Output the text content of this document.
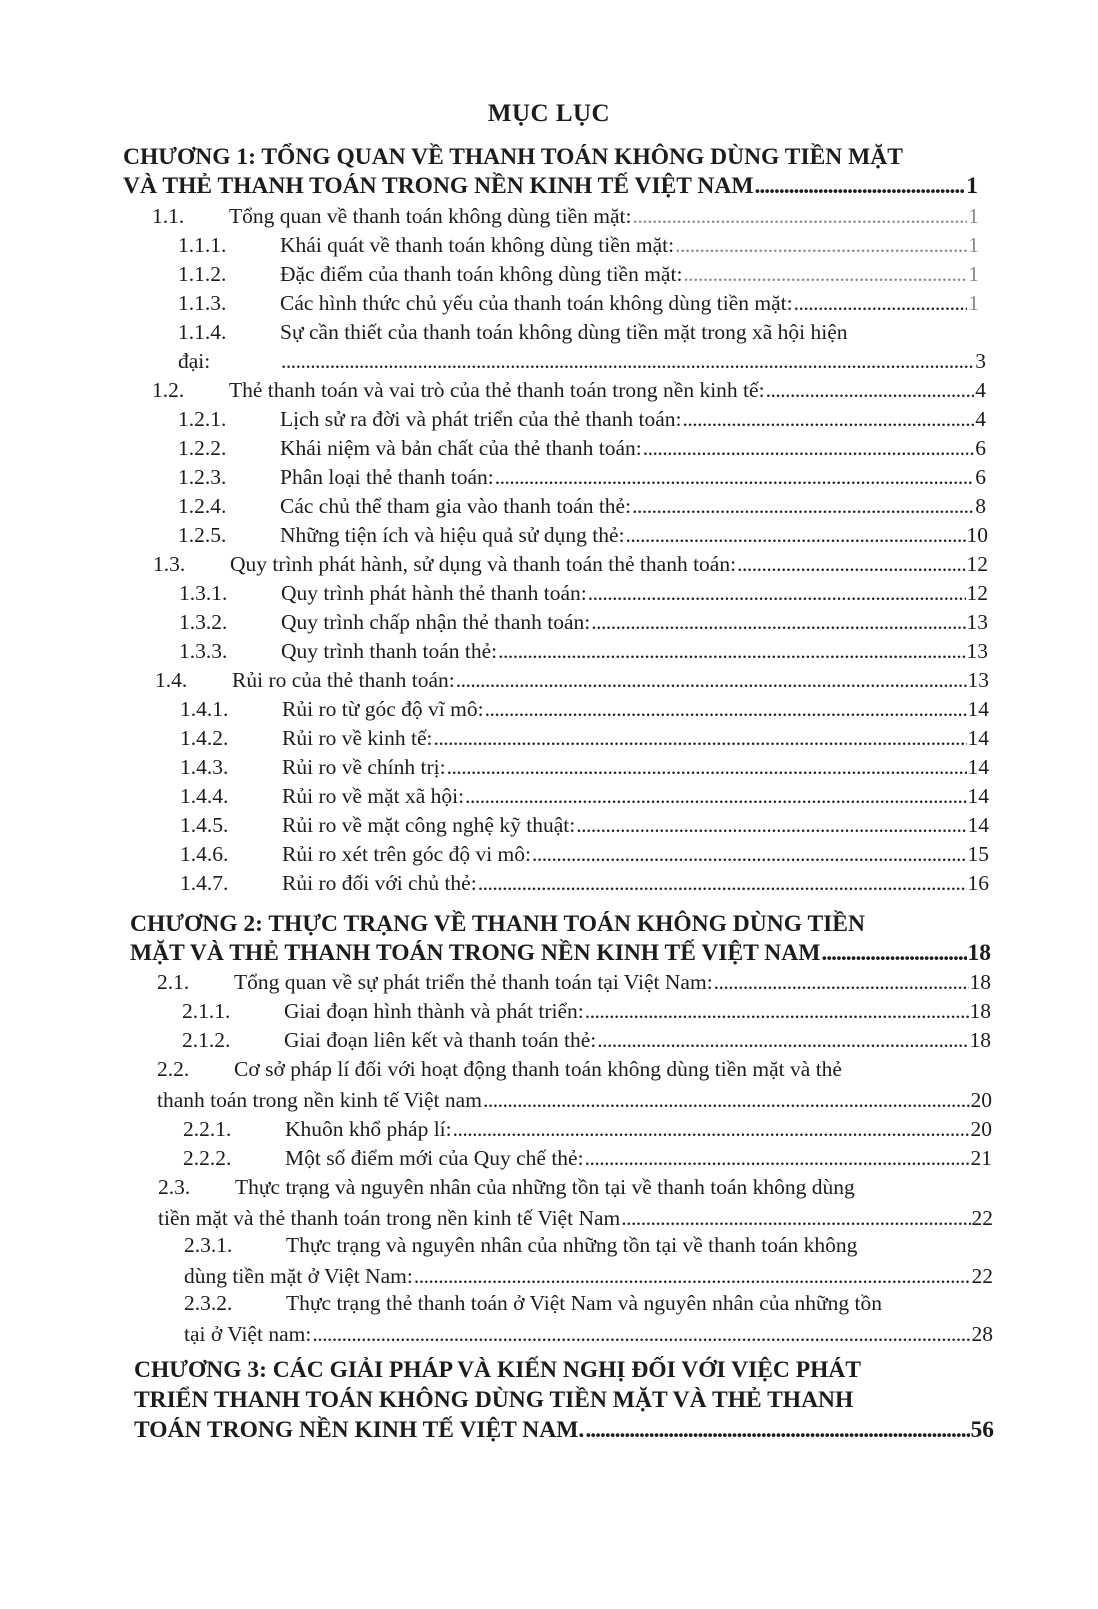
MỤC LỤC
CHƯƠNG 1: TỔNG QUAN VỀ THANH TOÁN KHÔNG DÙNG TIỀN MẶT
VÀ THẺ THANH TOÁN TRONG NỀN KINH TẾ VIỆT NAM .....	1
1.1.	Tổng quan về thanh toán không dùng tiền mặt: .....	1
1.1.1.	Khái quát về thanh toán không dùng tiền mặt: .....	1
1.1.2.	Đặc điểm của thanh toán không dùng tiền mặt: .....	1
1.1.3.	Các hình thức chủ yếu của thanh toán không dùng tiền mặt: .....	1
1.1.4.	Sự cần thiết của thanh toán không dùng tiền mặt trong xã hội hiện
đại: .....	3
1.2.	Thẻ thanh toán và vai trò của thẻ thanh toán trong nền kinh tế: .....	4
1.2.1.	Lịch sử ra đời và phát triển của thẻ thanh toán: .....	4
1.2.2.	Khái niệm và bản chất của thẻ thanh toán: .....	6
1.2.3.	Phân loại thẻ thanh toán: .....	6
1.2.4.	Các chủ thể tham gia vào thanh toán thẻ: .....	8
1.2.5.	Những tiện ích và hiệu quả sử dụng thẻ: .....	10
1.3.	Quy trình phát hành, sử dụng và thanh toán thẻ thanh toán: .....	12
1.3.1.	Quy trình phát hành thẻ thanh toán: .....	12
1.3.2.	Quy trình chấp nhận thẻ thanh toán: .....	13
1.3.3.	Quy trình thanh toán thẻ: .....	13
1.4.	Rủi ro của thẻ thanh toán: .....	13
1.4.1.	Rủi ro từ góc độ vĩ mô: .....	14
1.4.2.	Rủi ro về kinh tế: .....	14
1.4.3.	Rủi ro về chính trị: .....	14
1.4.4.	Rủi ro về mặt xã hội: .....	14
1.4.5.	Rủi ro về mặt công nghệ kỹ thuật: .....	14
1.4.6.	Rủi ro xét trên góc độ vi mô: .....	15
1.4.7.	Rủi ro đối với chủ thẻ: .....	16
CHƯƠNG 2: THỰC TRẠNG VỀ THANH TOÁN KHÔNG DÙNG TIỀN
MẶT VÀ THẺ THANH TOÁN TRONG NỀN KINH TẾ VIỆT NAM .....	18
2.1.	Tổng quan về sự phát triển thẻ thanh toán tại Việt Nam: .....	18
2.1.1.	Giai đoạn hình thành và phát triển: .....	18
2.1.2.	Giai đoạn liên kết và thanh toán thẻ: .....	18
2.2.	Cơ sở pháp lí đối với hoạt động thanh toán không dùng tiền mặt và thẻ
thanh toán trong nền kinh tế Việt nam .....	20
2.2.1.	Khuôn khổ pháp lí: .....	20
2.2.2.	Một số điểm mới của Quy chế thẻ: .....	21
2.3.	Thực trạng và nguyên nhân của những tồn tại về thanh toán không dùng
tiền mặt và thẻ thanh toán trong nền kinh tế Việt Nam .....	22
2.3.1.	Thực trạng và nguyên nhân của những tồn tại về thanh toán không
dùng tiền mặt ở Việt Nam: .....	22
2.3.2.	Thực trạng thẻ thanh toán ở Việt Nam và nguyên nhân của những tồn
tại ở Việt nam: .....	28
CHƯƠNG 3: CÁC GIẢI PHÁP VÀ KIẾN NGHỊ ĐỐI VỚI VIỆC PHÁT
TRIỂN THANH TOÁN KHÔNG DÙNG TIỀN MẶT VÀ THẺ THANH
TOÁN TRONG NỀN KINH TẾ VIỆT NAM. .....	56
